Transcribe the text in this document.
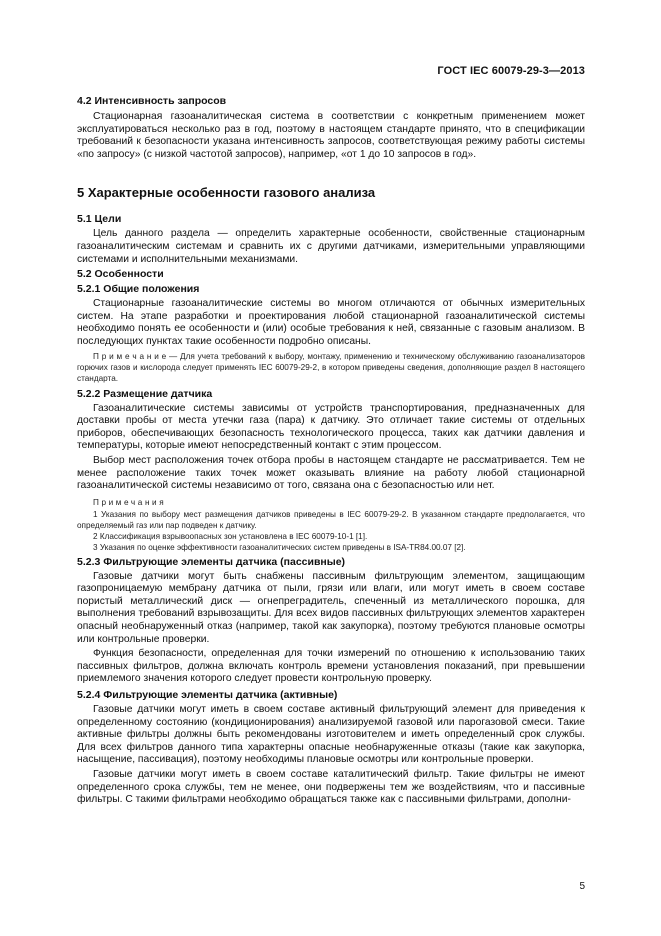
ГОСТ IEC 60079-29-3—2013
4.2 Интенсивность запросов

Стационарная газоаналитическая система в соответствии с конкретным применением может эксплуатироваться несколько раз в год, поэтому в настоящем стандарте принято, что в спецификации требований к безопасности указана интенсивность запросов, соответствующая режиму работы системы «по запросу» (с низкой частотой запросов), например, «от 1 до 10 запросов в год».

5 Характерные особенности газового анализа
5.1 Цели

Цель данного раздела — определить характерные особенности, свойственные стационарным газоаналитическим системам и сравнить их с другими датчиками, измерительными управляющими системами и исполнительными механизмами.

5.2 Особенности
5.2.1 Общие положения

Стационарные газоаналитические системы во многом отличаются от обычных измерительных систем. На этапе разработки и проектирования любой стационарной газоаналитической системы необходимо понять ее особенности и (или) особые требования к ней, связанные с газовым анализом. В последующих пунктах такие особенности подробно описаны.

П р и м е ч а н и е — Для учета требований к выбору, монтажу, применению и техническому обслуживанию газоанализаторов горючих газов и кислорода следует применять IEC 60079-29-2, в котором приведены сведения, дополняющие раздел 8 настоящего стандарта.

5.2.2 Размещение датчика

Газоаналитические системы зависимы от устройств транспортирования, предназначенных для доставки пробы от места утечки газа (пара) к датчику. Это отличает такие системы от отдельных приборов, обеспечивающих безопасность технологического процесса, таких как датчики давления и температуры, которые имеют непосредственный контакт с этим процессом.

Выбор мест расположения точек отбора пробы в настоящем стандарте не рассматривается. Тем не менее расположение таких точек может оказывать влияние на работу любой стационарной газоаналитической системы независимо от того, связана она с безопасностью или нет.

Примечания

1 Указания по выбору мест размещения датчиков приведены в IEC 60079-29-2. В указанном стандарте предполагается, что определяемый газ или пар подведен к датчику.

2 Классификация взрывоопасных зон установлена в IEC 60079-10-1 [1].

3 Указания по оценке эффективности газоаналитических систем приведены в ISA-TR84.00.07 [2].

5.2.3 Фильтрующие элементы датчика (пассивные)

Газовые датчики могут быть снабжены пассивным фильтрующим элементом, защищающим газопроницаемую мембрану датчика от пыли, грязи или влаги, или могут иметь в своем составе пористый металлический диск — огнепреградитель, спеченный из металлического порошка, для выполнения требований взрывозащиты. Для всех видов пассивных фильтрующих элементов характерен опасный необнаруженный отказ (например, такой как закупорка), поэтому требуются плановые осмотры или контрольные проверки.

Функция безопасности, определенная для точки измерений по отношению к использованию таких пассивных фильтров, должна включать контроль времени установления показаний, при превышении приемлемого значения которого следует провести контрольную проверку.

5.2.4 Фильтрующие элементы датчика (активные)

Газовые датчики могут иметь в своем составе активный фильтрующий элемент для приведения к определенному состоянию (кондиционирования) анализируемой газовой или парогазовой смеси. Такие активные фильтры должны быть рекомендованы изготовителем и иметь определенный срок службы. Для всех фильтров данного типа характерны опасные необнаруженные отказы (такие как закупорка, насыщение, пассивация), поэтому необходимы плановые осмотры или контрольные проверки.

Газовые датчики могут иметь в своем составе каталитический фильтр. Такие фильтры не имеют определенного срока службы, тем не менее, они подвержены тем же воздействиям, что и пассивные фильтры. С такими фильтрами необходимо обращаться также как с пассивными фильтрами, дополни-

5
